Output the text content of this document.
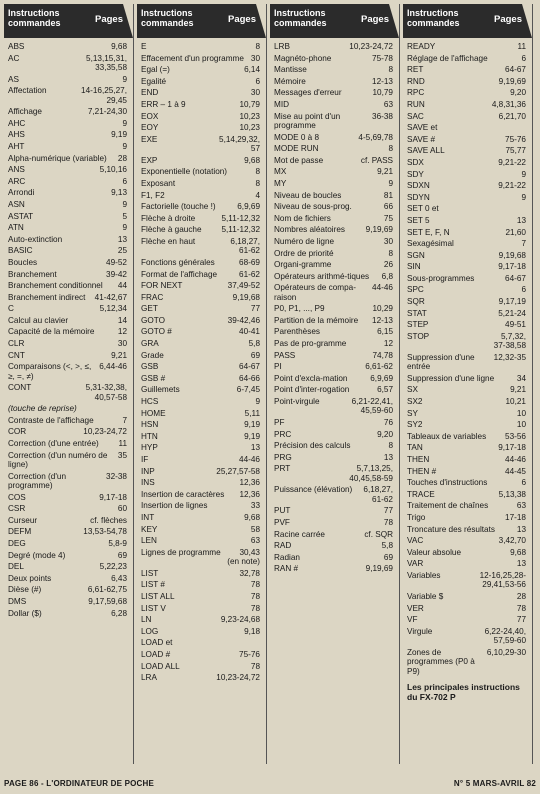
Instructions
commandes	Pages
ABS	9,68
AC	5,13,15,31,
33,35,58
AS	9
Affectation	14-16,25,27,
29,45
Affichage	7,21-24,30
AHC	9
AHS	9,19
AHT	9
Alpha-numérique (variable)	28
ANS	5,10,16
ARC	6
Arrondi	9,13
ASN	9
ASTAT	5
ATN	9
Auto-extinction	13
BASIC	25
Boucles	49-52
Branchement	39-42
Branchement conditionnel	44
Branchement indirect	41-42,67
C	5,12,34
Calcul au clavier	14
Capacité de la mémoire	12
CLR	30
CNT	9,21
Comparaisons (<, >, ≤, ≥, =, ≠)
6,44-46
CONT	5,31-32,38,
40,57-58
(touche de reprise)
Contraste de l'affichage	7
COR	10,23-24,72
Correction (d'une entrée)	11
Correction (d'un numéro de ligne)
35
Correction (d'un programme)
32-38
COS	9,17-18
CSR	60
Curseur	cf. flèches
DEFM	13,53-54,78
DEG	5,8-9
Degré (mode 4)	69
DEL	5,22,23
Deux points	6,43
Dièse (#)	6,61-62,75
DMS	9,17,59,68
Dollar ($)	6,28
Instructions
commandes	Pages
E	8
Effacement d'un programme 30
Egal (=)	6,14
Egalité	6
END	30
ERR – 1 à 9	10,79
EOX	10,23
EOY	10,23
EXE	5,14,29,32,
57
EXP	9,68
Exponentielle (notation)	8
Exposant	8
F1, F2	4
Factorielle (touche !)	6,9,69
Flèche à droite	5,11-12,32
Flèche à gauche	5,11-12,32
Flèche en haut	6,18,27,
61-62
Fonctions générales	68-69
Format de l'affichage	61-62
FOR NEXT	37,49-52
FRAC	9,19,68
GET	77
GOTO	39-42,46
GOTO #	40-41
GRA	5,8
Grade	69
GSB	64-67
GSB #	64-66
Guillemets	6-7,45
HCS	9
HOME	5,11
HSN	9,19
HTN	9,19
HYP	13
IF	44-46
INP	25,27,57-58
INS	12,36
Insertion de caractères	12,36
Insertion de lignes	33
INT	9,68
KEY	58
LEN	63
Lignes de programme	30,43
(en note)
LIST	32,78
LIST #	78
LIST ALL	78
LIST V	78
LN	9,23-24,68
LOG	9,18
LOAD et
LOAD #	75-76
LOAD ALL	78
LRA	10,23-24,72
Instructions
commandes	Pages
LRB	10,23-24,72
Magnéto-phone	75-78
Mantisse	8
Mémoire	12-13
Messages d'erreur	10,79
MID	63
Mise au point d'un programme
36-38
MODE 0 à 8	4-5,69,78
MODE RUN	8
Mot de passe	cf. PASS
MX	9,21
MY	9
Niveau de boucles	81
Niveau de sous-prog.	66
Nom de fichiers	75
Nombres aléatoires	9,19,69
Numéro de ligne	30
Ordre de priorité	8
Organi-gramme	26
Opérateurs arithmé-tiques	6,8
Opérateurs de compa-raison
44-46
P0, P1, ..., P9	10,29
Partition de la mémoire	12-13
Parenthèses	6,15
Pas de pro-gramme	12
PASS	74,78
PI	6,61-62
Point d'excla-mation	6,9,69
Point d'inter-rogation	6,57
Point-virgule	6,21-22,41,
45,59-60
PF	76
PRC	9,20
Précision des calculs	8
PRG	13
PRT	5,7,13,25,
40,45,58-59
Puissance (élévation)	6,18,27,
61-62
PUT	77
PVF	78
Racine carrée	cf. SQR
RAD	5,8
Radian	69
RAN #	9,19,69
Instructions
commandes	Pages
READY	11
Réglage de l'affichage	6
RET	64-67
RND	9,19,69
RPC	9,20
RUN	4,8,31,36
SAC	6,21,70
SAVE et
SAVE #	75-76
SAVE ALL	75,77
SDX	9,21-22
SDY	9
SDXN	9,21-22
SDYN	9
SET 0 et
SET 5	13
SET E, F, N	21,60
Sexagésimal	7
SGN	9,19,68
SIN	9,17-18
Sous-programmes	64-67
SPC	6
SQR	9,17,19
STAT	5,21-24
STEP	49-51
STOP	5,7,32,
37-38,58
Suppression d'une entrée
12,32-35
Suppression d'une ligne	34
SX	9,21
SX2	10,21
SY	10
SY2	10
Tableaux de variables	53-56
TAN	9,17-18
THEN	44-46
THEN #	44-45
Touches d'instructions	6
TRACE	5,13,38
Traitement de chaînes	63
Trigo	17-18
Troncature des résultats	13
VAC	3,42,70
Valeur absolue	9,68
VAR	13
Variables	12-16,25,28-
29,41,53-56
Variable $	28
VER	78
VF	77
Virgule	6,22-24,40,
57,59-60
Zones de programmes (P0 à P9)
6,10,29-30
Les principales instructions du FX-702 P
PAGE 86 - L'ORDINATEUR DE POCHE	N° 5 MARS-AVRIL 82
